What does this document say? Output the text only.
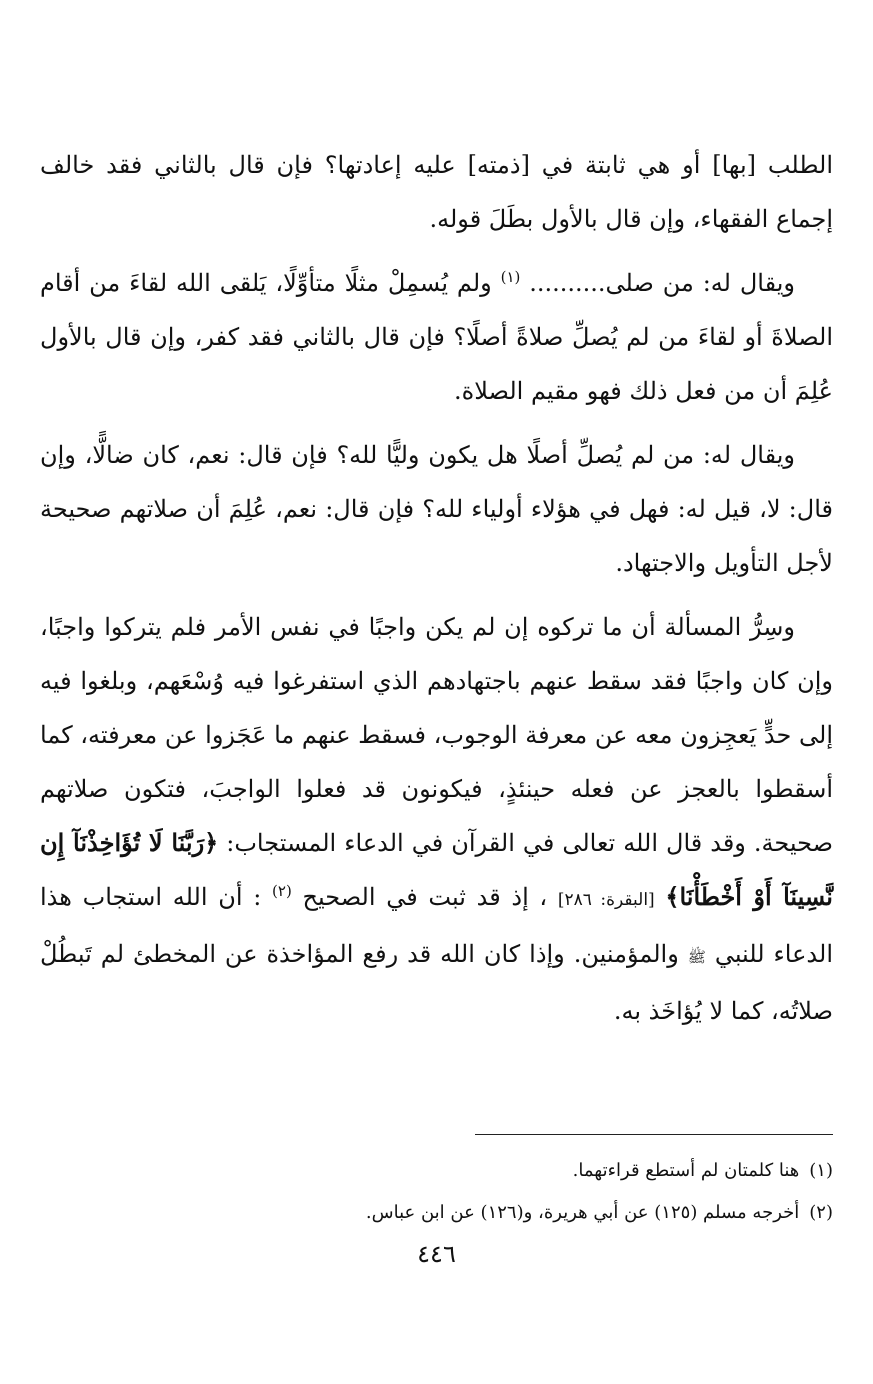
الطلب [بها] أو هي ثابتة في [ذمته] عليه إعادتها؟ فإن قال بالثاني فقد خالف إجماع الفقهاء، وإن قال بالأول بطَلَ قوله.

ويقال له: من صلى.......... $^{(١)}$ ولم يُسمِلْ مثلًا متأوِّلًا، يَلقى الله لقاءَ من أقام الصلاةَ أو لقاءَ من لم يُصلِّ صلاةً أصلًا؟ فإن قال بالثاني فقد كفر، وإن قال بالأول عُلِمَ أن من فعل ذلك فهو مقيم الصلاة.

ويقال له: من لم يُصلِّ أصلًا هل يكون وليًّا لله؟ فإن قال: نعم، كان ضالًّا، وإن قال: لا، قيل له: فهل في هؤلاء أولياء لله؟ فإن قال: نعم، عُلِمَ أن صلاتهم صحيحة لأجل التأويل والاجتهاد.

وسِرُّ المسألة أن ما تركوه إن لم يكن واجبًا في نفس الأمر فلم يتركوا واجبًا، وإن كان واجبًا فقد سقط عنهم باجتهادهم الذي استفرغوا فيه وُسْعَهم، وبلغوا فيه إلى حدٍّ يَعجِزون معه عن معرفة الوجوب، فسقط عنهم ما عَجَزوا عن معرفته، كما أسقطوا بالعجز عن فعله حينئذٍ، فيكونون قد فعلوا الواجبَ، فتكون صلاتهم صحيحة. وقد قال الله تعالى في القرآن في الدعاء المستجاب: ﴿رَبَّنَا لَا تُؤَاخِذْنَآ إِن نَّسِينَآ أَوْ أَخْطَأْنَا﴾ [البقرة: ٢٨٦] ، إذ قد ثبت في الصحيح $^{(٢)}$ : أن الله استجاب هذا الدعاء للنبي ﷺ والمؤمنين. وإذا كان الله قد رفع المؤاخذة عن المخطئ لم تَبطُلْ صلاتُه، كما لا يُؤاخَذ به.

(١)هنا كلمتان لم أستطع قراءتهما.

(٢)أخرجه مسلم (١٢٥) عن أبي هريرة، و(١٢٦) عن ابن عباس.

٤٤٦
